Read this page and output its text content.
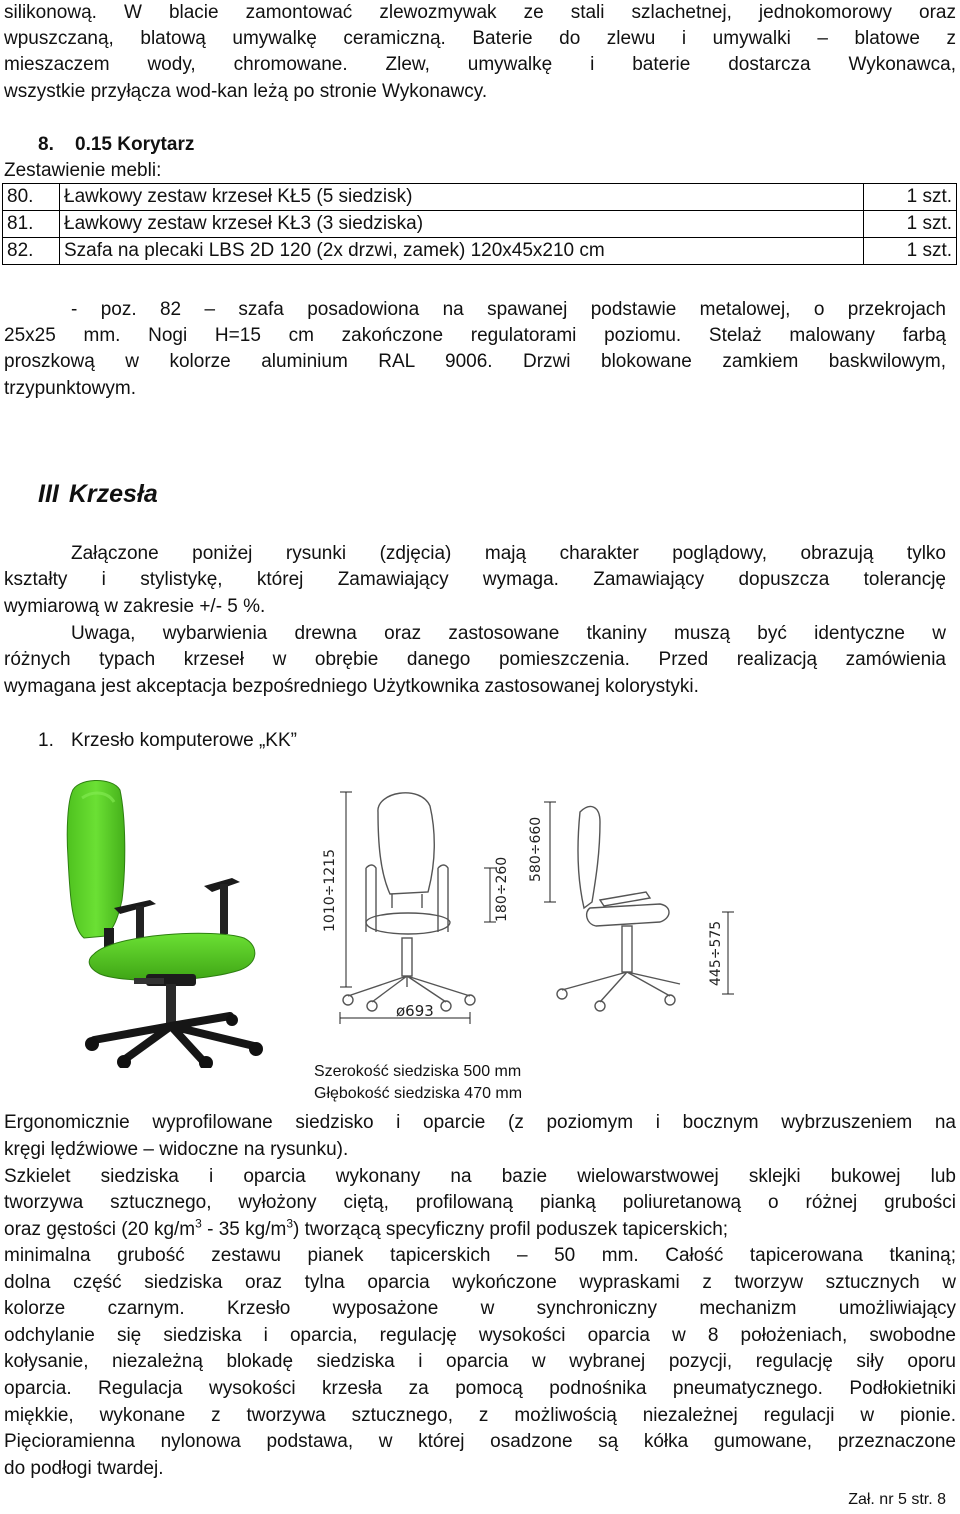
silikonową. W blacie zamontować zlewozmywak ze stali szlachetnej, jednokomorowy oraz
wpuszczaną, blatową umywalkę ceramiczną. Baterie do zlewu i umywalki – blatowe z
mieszaczem wody, chromowane. Zlew, umywalkę i baterie dostarcza Wykonawca,
wszystkie przyłącza wod-kan leżą po stronie Wykonawcy.
8. 0.15 Korytarz
Zestawienie mebli:
80.	Ławkowy zestaw krzeseł KŁ5 (5 siedzisk)	1 szt.
81.	Ławkowy zestaw krzeseł KŁ3 (3 siedziska)	1 szt.
82.	Szafa na plecaki LBS 2D 120 (2x drzwi, zamek) 120x45x210 cm	1 szt.
- poz. 82 – szafa posadowiona na spawanej podstawie metalowej, o przekrojach
25x25 mm. Nogi H=15 cm zakończone regulatorami poziomu. Stelaż malowany farbą
proszkową w kolorze aluminium RAL 9006. Drzwi blokowane zamkiem baskwilowym,
trzypunktowym.
III Krzesła
Załączone poniżej rysunki (zdjęcia) mają charakter poglądowy, obrazują tylko
kształty i stylistykę, której Zamawiający wymaga. Zamawiający dopuszcza tolerancję
wymiarową w zakresie +/- 5 %.
Uwaga, wybarwienia drewna oraz zastosowane tkaniny muszą być identyczne w
różnych typach krzeseł w obrębie danego pomieszczenia. Przed realizacją zamówienia
wymagana jest akceptacja bezpośredniego Użytkownika zastosowanej kolorystyki.
1. Krzesło komputerowe „KK”
1010÷1215	180÷260
580÷660
445÷575
ø693
Szerokość siedziska 500 mm
Głębokość siedziska 470 mm
Ergonomicznie wyprofilowane siedzisko i oparcie (z poziomym i bocznym wybrzuszeniem na
kręgi lędźwiowe – widoczne na rysunku).
Szkielet siedziska i oparcia wykonany na bazie wielowarstwowej sklejki bukowej lub
tworzywa sztucznego, wyłożony ciętą, profilowaną pianką poliuretanową o różnej grubości
oraz gęstości (20 $kg/m^3 - 35$ $kg/m^3$) tworzącą specyficzny profil poduszek tapicerskich;
minimalna grubość zestawu pianek tapicerskich – 50 mm. Całość tapicerowana tkaniną;
dolna część siedziska oraz tylna oparcia wykończone wypraskami z tworzyw sztucznych w
kolorze czarnym. Krzesło wyposażone w synchroniczny mechanizm umożliwiający
odchylanie się siedziska i oparcia, regulację wysokości oparcia w 8 położeniach, swobodne
kołysanie, niezależną blokadę siedziska i oparcia w wybranej pozycji, regulację siły oporu
oparcia. Regulacja wysokości krzesła za pomocą podnośnika pneumatycznego. Podłokietniki
miękkie, wykonane z tworzywa sztucznego, z możliwością niezależnej regulacji w pionie.
Pięcioramienna nylonowa podstawa, w której osadzone są kółka gumowane, przeznaczone
do podłogi twardej.
Zał. nr 5 str. 8
